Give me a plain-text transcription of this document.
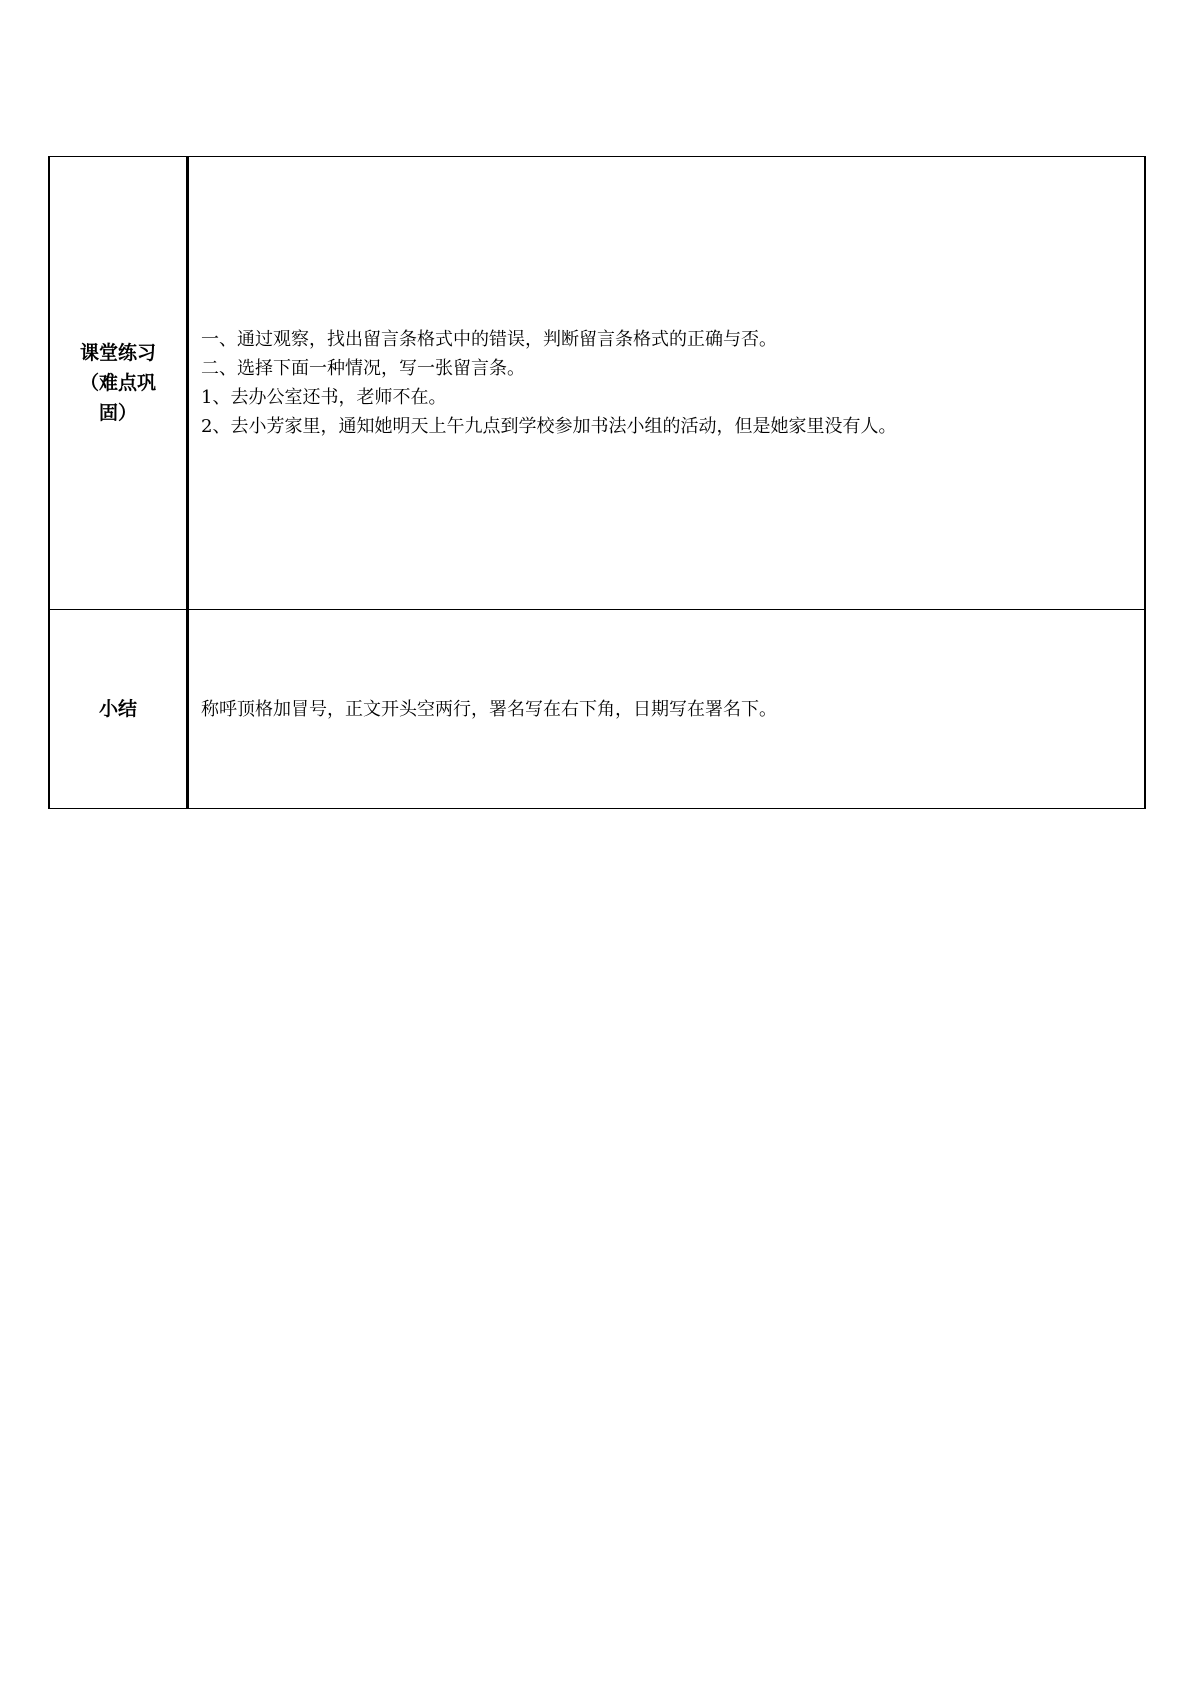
课堂练习
（难点巩
固）	一、通过观察，找出留言条格式中的错误，判断留言条格式的正确与否。
二、选择下面一种情况，写一张留言条。
1、去办公室还书，老师不在。
2、去小芳家里，通知她明天上午九点到学校参加书法小组的活动，但是她家里没有人。

小结	称呼顶格加冒号，正文开头空两行，署名写在右下角，日期写在署名下。
